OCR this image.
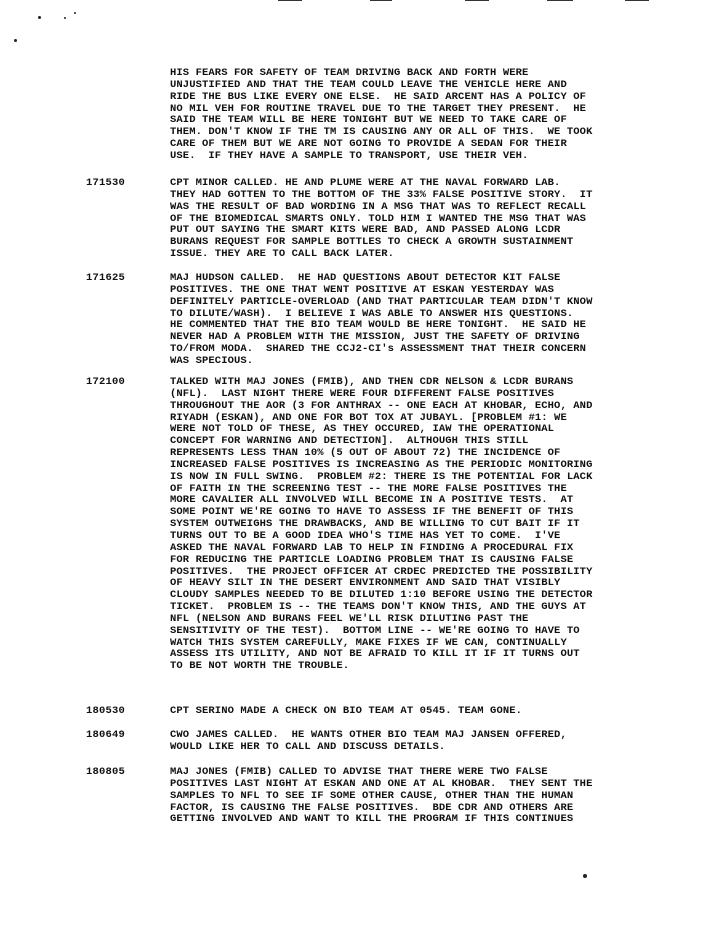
HIS FEARS FOR SAFETY OF TEAM DRIVING BACK AND FORTH WERE
UNJUSTIFIED AND THAT THE TEAM COULD LEAVE THE VEHICLE HERE AND
RIDE THE BUS LIKE EVERY ONE ELSE.  HE SAID ARCENT HAS A POLICY OF
NO MIL VEH FOR ROUTINE TRAVEL DUE TO THE TARGET THEY PRESENT.  HE
SAID THE TEAM WILL BE HERE TONIGHT BUT WE NEED TO TAKE CARE OF
THEM. DON'T KNOW IF THE TM IS CAUSING ANY OR ALL OF THIS.  WE TOOK
CARE OF THEM BUT WE ARE NOT GOING TO PROVIDE A SEDAN FOR THEIR
USE.  IF THEY HAVE A SAMPLE TO TRANSPORT, USE THEIR VEH.
171530	CPT MINOR CALLED. HE AND PLUME WERE AT THE NAVAL FORWARD LAB.
THEY HAD GOTTEN TO THE BOTTOM OF THE 33% FALSE POSITIVE STORY.  IT
WAS THE RESULT OF BAD WORDING IN A MSG THAT WAS TO REFLECT RECALL
OF THE BIOMEDICAL SMARTS ONLY. TOLD HIM I WANTED THE MSG THAT WAS
PUT OUT SAYING THE SMART KITS WERE BAD, AND PASSED ALONG LCDR
BURANS REQUEST FOR SAMPLE BOTTLES TO CHECK A GROWTH SUSTAINMENT
ISSUE. THEY ARE TO CALL BACK LATER.
171625	MAJ HUDSON CALLED.  HE HAD QUESTIONS ABOUT DETECTOR KIT FALSE
POSITIVES. THE ONE THAT WENT POSITIVE AT ESKAN YESTERDAY WAS
DEFINITELY PARTICLE-OVERLOAD (AND THAT PARTICULAR TEAM DIDN'T KNOW
TO DILUTE/WASH).  I BELIEVE I WAS ABLE TO ANSWER HIS QUESTIONS.
HE COMMENTED THAT THE BIO TEAM WOULD BE HERE TONIGHT.  HE SAID HE
NEVER HAD A PROBLEM WITH THE MISSION, JUST THE SAFETY OF DRIVING
TO/FROM MODA.  SHARED THE CCJ2-CI's ASSESSMENT THAT THEIR CONCERN
WAS SPECIOUS.
172100	TALKED WITH MAJ JONES (FMIB), AND THEN CDR NELSON & LCDR BURANS
(NFL).  LAST NIGHT THERE WERE FOUR DIFFERENT FALSE POSITIVES
THROUGHOUT THE AOR (3 FOR ANTHRAX -- ONE EACH AT KHOBAR, ECHO, AND
RIYADH (ESKAN), AND ONE FOR BOT TOX AT JUBAYL. [PROBLEM #1: WE
WERE NOT TOLD OF THESE, AS THEY OCCURED, IAW THE OPERATIONAL
CONCEPT FOR WARNING AND DETECTION].  ALTHOUGH THIS STILL
REPRESENTS LESS THAN 10% (5 OUT OF ABOUT 72) THE INCIDENCE OF
INCREASED FALSE POSITIVES IS INCREASING AS THE PERIODIC MONITORING
IS NOW IN FULL SWING.  PROBLEM #2: THERE IS THE POTENTIAL FOR LACK
OF FAITH IN THE SCREENING TEST -- THE MORE FALSE POSITIVES THE
MORE CAVALIER ALL INVOLVED WILL BECOME IN A POSITIVE TESTS.  AT
SOME POINT WE'RE GOING TO HAVE TO ASSESS IF THE BENEFIT OF THIS
SYSTEM OUTWEIGHS THE DRAWBACKS, AND BE WILLING TO CUT BAIT IF IT
TURNS OUT TO BE A GOOD IDEA WHO'S TIME HAS YET TO COME.  I'VE
ASKED THE NAVAL FORWARD LAB TO HELP IN FINDING A PROCEDURAL FIX
FOR REDUCING THE PARTICLE LOADING PROBLEM THAT IS CAUSING FALSE
POSITIVES.  THE PROJECT OFFICER AT CRDEC PREDICTED THE POSSIBILITY
OF HEAVY SILT IN THE DESERT ENVIRONMENT AND SAID THAT VISIBLY
CLOUDY SAMPLES NEEDED TO BE DILUTED 1:10 BEFORE USING THE DETECTOR
TICKET.  PROBLEM IS -- THE TEAMS DON'T KNOW THIS, AND THE GUYS AT
NFL (NELSON AND BURANS FEEL WE'LL RISK DILUTING PAST THE
SENSITIVITY OF THE TEST).  BOTTOM LINE -- WE'RE GOING TO HAVE TO
WATCH THIS SYSTEM CAREFULLY, MAKE FIXES IF WE CAN, CONTINUALLY
ASSESS ITS UTILITY, AND NOT BE AFRAID TO KILL IT IF IT TURNS OUT
TO BE NOT WORTH THE TROUBLE.
180530	CPT SERINO MADE A CHECK ON BIO TEAM AT 0545. TEAM GONE.
180649	CWO JAMES CALLED.  HE WANTS OTHER BIO TEAM MAJ JANSEN OFFERED,
WOULD LIKE HER TO CALL AND DISCUSS DETAILS.
180805	MAJ JONES (FMIB) CALLED TO ADVISE THAT THERE WERE TWO FALSE
POSITIVES LAST NIGHT AT ESKAN AND ONE AT AL KHOBAR.  THEY SENT THE
SAMPLES TO NFL TO SEE IF SOME OTHER CAUSE, OTHER THAN THE HUMAN
FACTOR, IS CAUSING THE FALSE POSITIVES.  BDE CDR AND OTHERS ARE
GETTING INVOLVED AND WANT TO KILL THE PROGRAM IF THIS CONTINUES
